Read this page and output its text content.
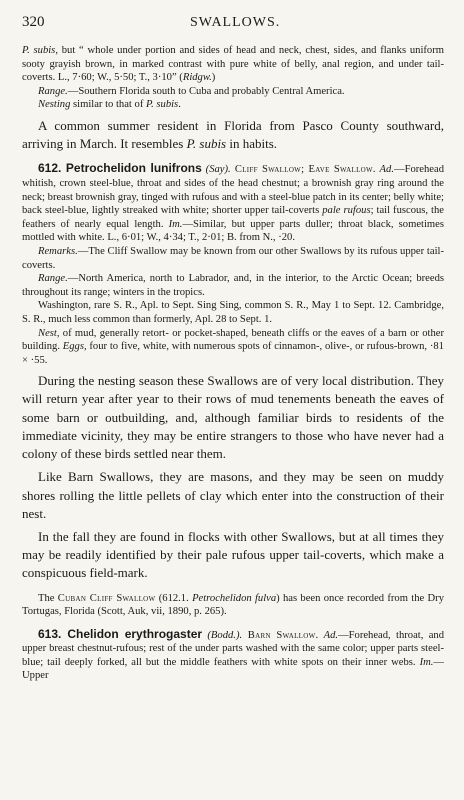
320	SWALLOWS.

P. subis, but “ whole under portion and sides of head and neck, chest, sides, and flanks uniform sooty grayish brown, in marked contrast with pure white of belly, anal region, and under tail-coverts. L., 7·60; W., 5·50; T., 3·10” (Ridgw.)

Range.—Southern Florida south to Cuba and probably Central America.

Nesting similar to that of P. subis.

A common summer resident in Florida from Pasco County southward, arriving in March. It resembles P. subis in habits.

612. Petrochelidon lunifrons (Say). Cliff Swallow; Eave Swallow. Ad.—Forehead whitish, crown steel-blue, throat and sides of the head chestnut; a brownish gray ring around the neck; breast brownish gray, tinged with rufous and with a steel-blue patch in its center; belly white; back steel-blue, lightly streaked with white; shorter upper tail-coverts pale rufous; tail fuscous, the feathers of nearly equal length. Im.—Similar, but upper parts duller; throat black, sometimes mottled with white. L., 6·01; W., 4·34; T., 2·01; B. from N., ·20.

Remarks.—The Cliff Swallow may be known from our other Swallows by its rufous upper tail-coverts.

Range.—North America, north to Labrador, and, in the interior, to the Arctic Ocean; breeds throughout its range; winters in the tropics.

Washington, rare S. R., Apl. to Sept. Sing Sing, common S. R., May 1 to Sept. 12. Cambridge, S. R., much less common than formerly, Apl. 28 to Sept. 1.

Nest, of mud, generally retort- or pocket-shaped, beneath cliffs or the eaves of a barn or other building. Eggs, four to five, white, with numerous spots of cinnamon-, olive-, or rufous-brown, ·81 × ·55.

During the nesting season these Swallows are of very local distribution. They will return year after year to their rows of mud tenements beneath the eaves of some barn or outbuilding, and, although familiar birds to residents of the immediate vicinity, they may be entire strangers to those who have never had a colony of these birds settled near them.

Like Barn Swallows, they are masons, and they may be seen on muddy shores rolling the little pellets of clay which enter into the construction of their nest.

In the fall they are found in flocks with other Swallows, but at all times they may be readily identified by their pale rufous upper tail-coverts, which make a conspicuous field-mark.

The Cuban Cliff Swallow (612.1. Petrochelidon fulva) has been once recorded from the Dry Tortugas, Florida (Scott, Auk, vii, 1890, p. 265).

613. Chelidon erythrogaster (Bodd.). Barn Swallow. Ad.—Forehead, throat, and upper breast chestnut-rufous; rest of the under parts washed with the same color; upper parts steel-blue; tail deeply forked, all but the middle feathers with white spots on their inner webs. Im.—Upper
